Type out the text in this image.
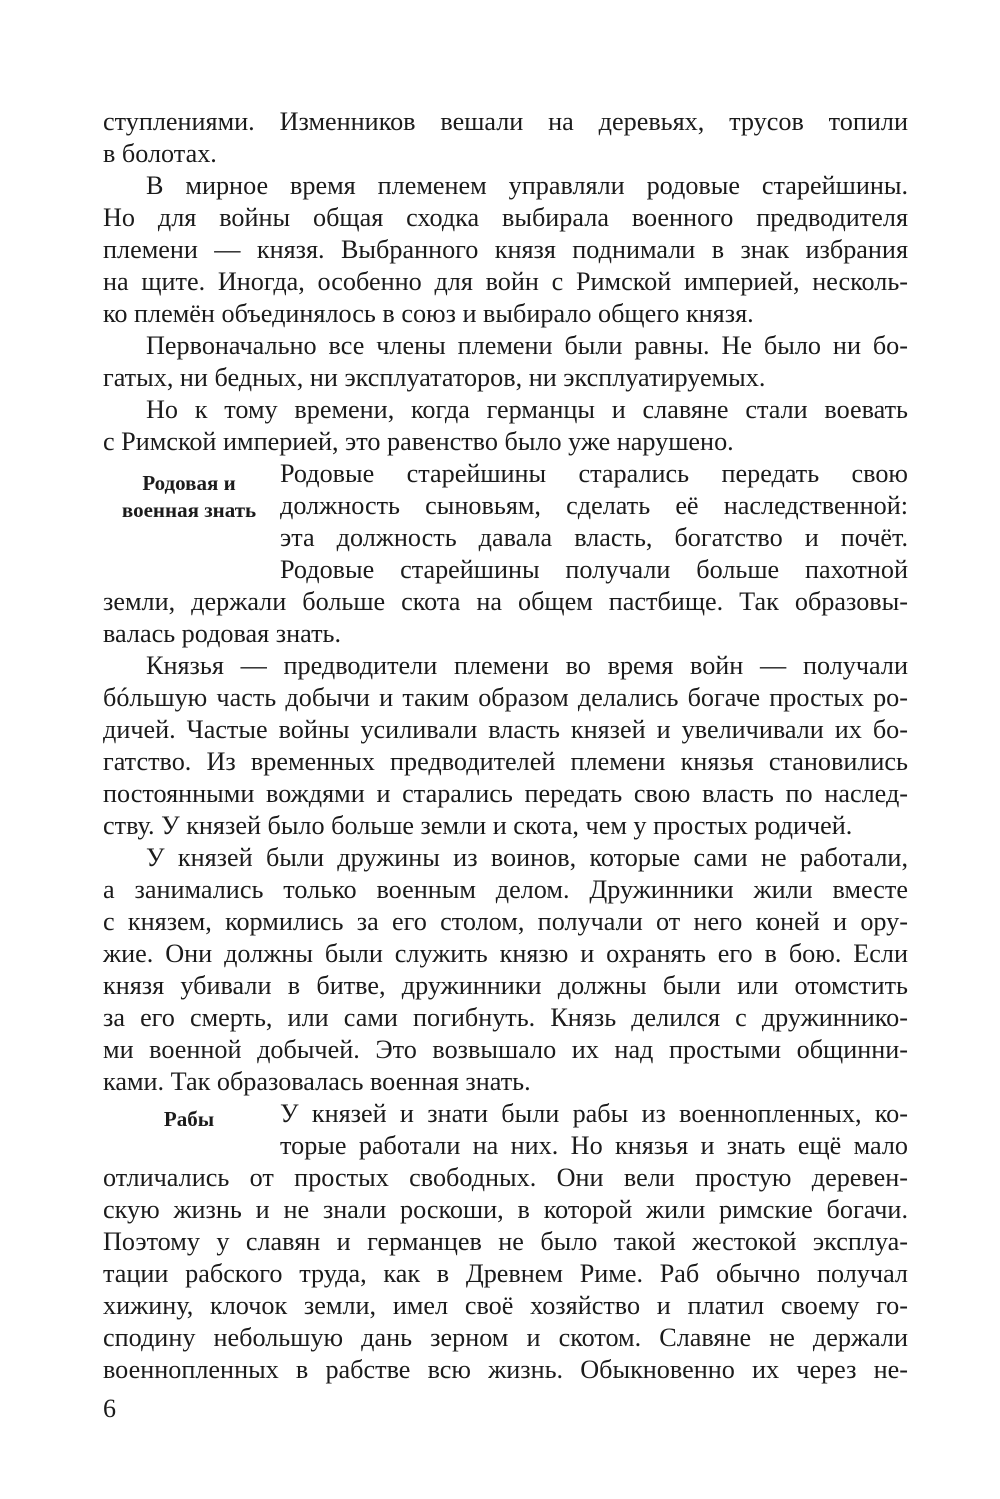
Родовая и военная знать
Рабы
ступлениями. Изменников вешали на деревьях, трусов топили
в болотах.
В мирное время племенем управляли родовые старейшины.
Но для войны общая сходка выбирала военного предводителя
племени — князя. Выбранного князя поднимали в знак избрания
на щите. Иногда, особенно для войн с Римской империей, несколь-
ко племён объединялось в союз и выбирало общего князя.
Первоначально все члены племени были равны. Не было ни бо-
гатых, ни бедных, ни эксплуататоров, ни эксплуатируемых.
Но к тому времени, когда германцы и славяне стали воевать
с Римской империей, это равенство было уже нарушено.
Родовые старейшины старались передать свою
должность сыновьям, сделать её наследственной:
эта должность давала власть, богатство и почёт.
Родовые старейшины получали больше пахотной
земли, держали больше скота на общем пастбище. Так образовы-
валась родовая знать.
Князья — предводители племени во время войн — получали
бóльшую часть добычи и таким образом делались богаче простых ро-
дичей. Частые войны усиливали власть князей и увеличивали их бо-
гатство. Из временных предводителей племени князья становились
постоянными вождями и старались передать свою власть по наслед-
ству. У князей было больше земли и скота, чем у простых родичей.
У князей были дружины из воинов, которые сами не работали,
а занимались только военным делом. Дружинники жили вместе
с князем, кормились за его столом, получали от него коней и ору-
жие. Они должны были служить князю и охранять его в бою. Если
князя убивали в битве, дружинники должны были или отомстить
за его смерть, или сами погибнуть. Князь делился с дружиннико-
ми военной добычей. Это возвышало их над простыми общинни-
ками. Так образовалась военная знать.
У князей и знати были рабы из военнопленных, ко-
торые работали на них. Но князья и знать ещё мало
отличались от простых свободных. Они вели простую деревен-
скую жизнь и не знали роскоши, в которой жили римские богачи.
Поэтому у славян и германцев не было такой жестокой эксплуа-
тации рабского труда, как в Древнем Риме. Раб обычно получал
хижину, клочок земли, имел своё хозяйство и платил своему го-
сподину небольшую дань зерном и скотом. Славяне не держали
военнопленных в рабстве всю жизнь. Обыкновенно их через не-
6
